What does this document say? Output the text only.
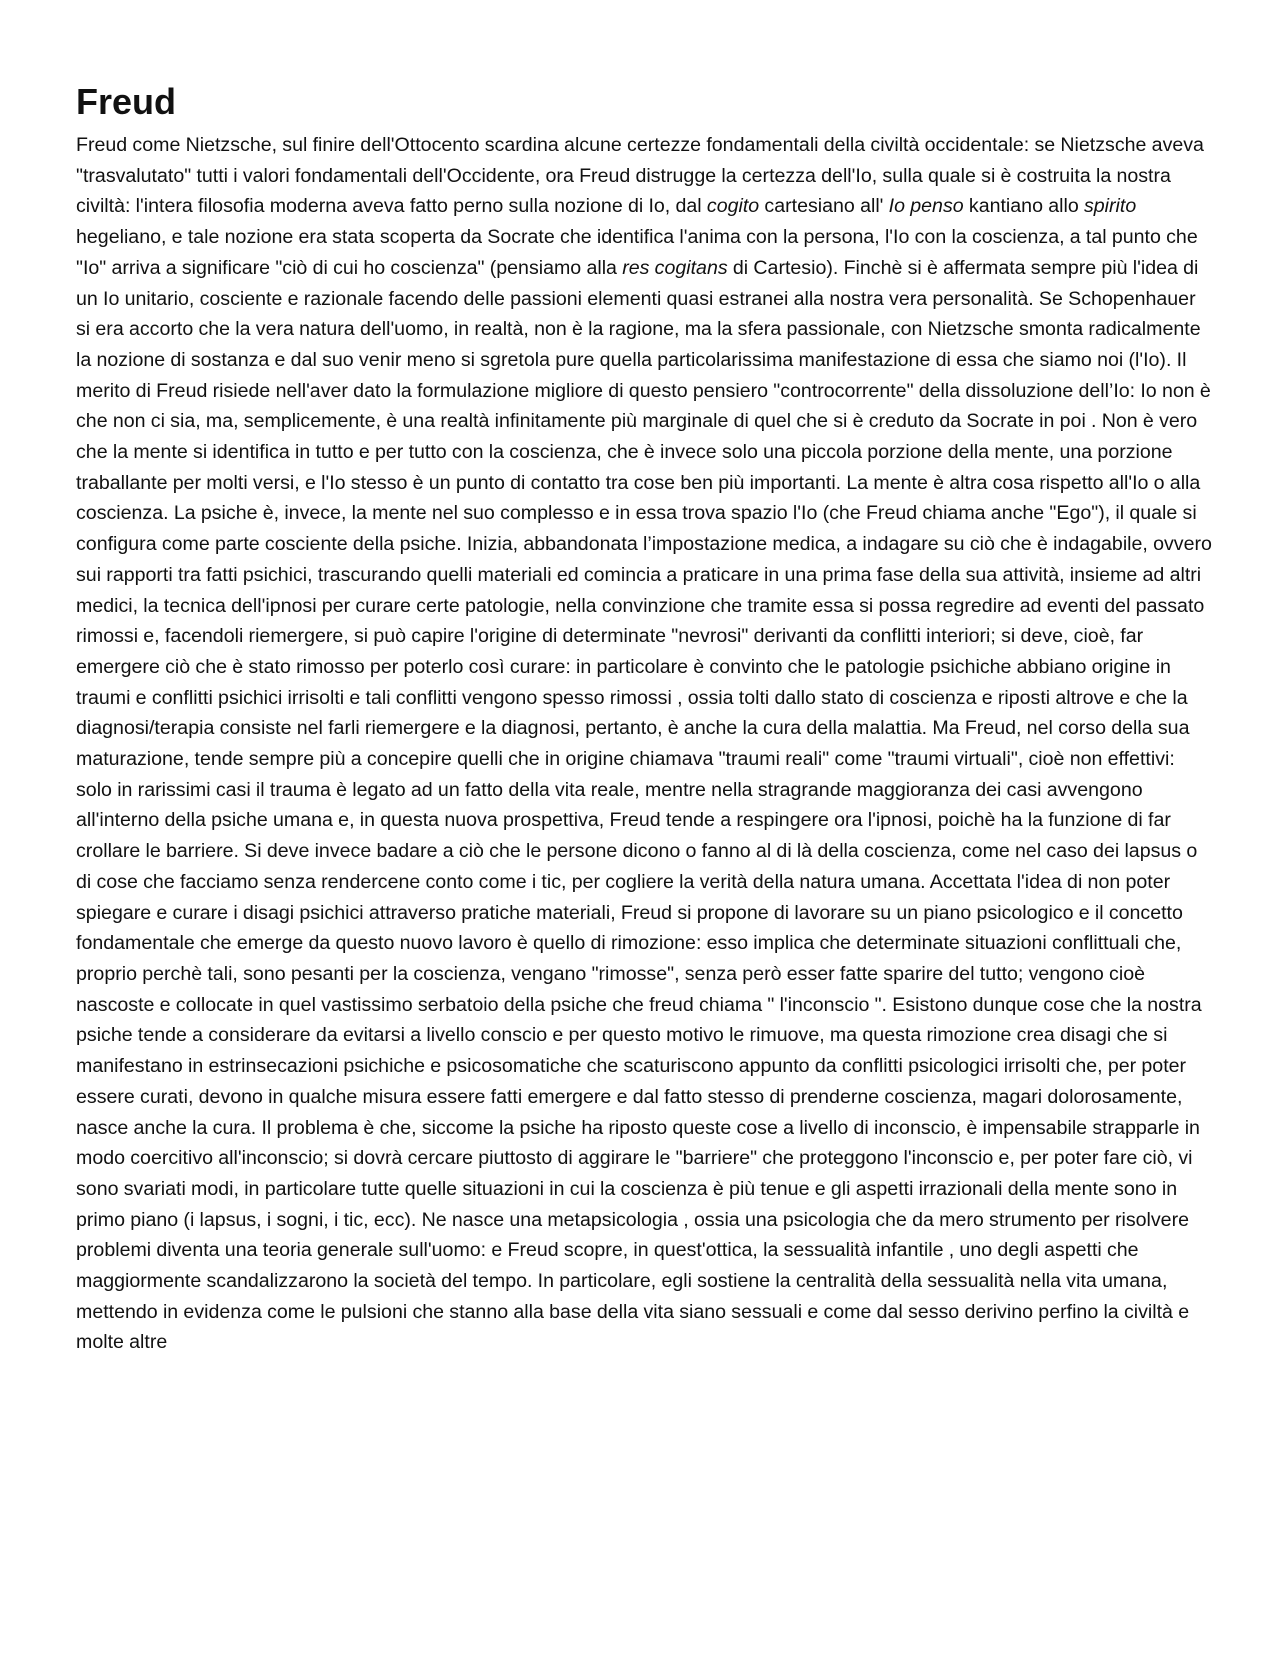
Freud

Freud come Nietzsche, sul finire dell'Ottocento scardina alcune certezze fondamentali della civiltà occidentale: se Nietzsche aveva "trasvalutato" tutti i valori fondamentali dell'Occidente, ora Freud distrugge la certezza dell'Io, sulla quale si è costruita la nostra civiltà: l'intera filosofia moderna aveva fatto perno sulla nozione di Io, dal cogito cartesiano all' Io penso kantiano allo spirito hegeliano, e tale nozione era stata scoperta da Socrate che identifica l'anima con la persona, l'Io con la coscienza, a tal punto che "Io" arriva a significare "ciò di cui ho coscienza" (pensiamo alla res cogitans di Cartesio). Finchè si è affermata sempre più l'idea di un Io unitario, cosciente e razionale facendo delle passioni elementi quasi estranei alla nostra vera personalità. Se Schopenhauer si era accorto che la vera natura dell'uomo, in realtà, non è la ragione, ma la sfera passionale, con Nietzsche smonta radicalmente la nozione di sostanza e dal suo venir meno si sgretola pure quella particolarissima manifestazione di essa che siamo noi (l'Io). Il merito di Freud risiede nell'aver dato la formulazione migliore di questo pensiero "controcorrente" della dissoluzione dell’Io: Io non è che non ci sia, ma, semplicemente, è una realtà infinitamente più marginale di quel che si è creduto da Socrate in poi . Non è vero che la mente si identifica in tutto e per tutto con la coscienza, che è invece solo una piccola porzione della mente, una porzione traballante per molti versi, e l'Io stesso è un punto di contatto tra cose ben più importanti. La mente è altra cosa rispetto all'Io o alla coscienza. La psiche è, invece, la mente nel suo complesso e in essa trova spazio l'Io (che Freud chiama anche "Ego"), il quale si configura come parte cosciente della psiche. Inizia, abbandonata l’impostazione medica, a indagare su ciò che è indagabile, ovvero sui rapporti tra fatti psichici, trascurando quelli materiali ed comincia a praticare in una prima fase della sua attività, insieme ad altri medici, la tecnica dell'ipnosi per curare certe patologie, nella convinzione che tramite essa si possa regredire ad eventi del passato rimossi e, facendoli riemergere, si può capire l'origine di determinate "nevrosi" derivanti da conflitti interiori; si deve, cioè, far emergere ciò che è stato rimosso per poterlo così curare: in particolare è convinto che le patologie psichiche abbiano origine in traumi e conflitti psichici irrisolti e tali conflitti vengono spesso rimossi , ossia tolti dallo stato di coscienza e riposti altrove e che la diagnosi/terapia consiste nel farli riemergere e la diagnosi, pertanto, è anche la cura della malattia. Ma Freud, nel corso della sua maturazione, tende sempre più a concepire quelli che in origine chiamava "traumi reali" come "traumi virtuali", cioè non effettivi: solo in rarissimi casi il trauma è legato ad un fatto della vita reale, mentre nella stragrande maggioranza dei casi avvengono all'interno della psiche umana e, in questa nuova prospettiva, Freud tende a respingere ora l'ipnosi, poichè ha la funzione di far crollare le barriere. Si deve invece badare a ciò che le persone dicono o fanno al di là della coscienza, come nel caso dei lapsus o di cose che facciamo senza rendercene conto come i tic, per cogliere la verità della natura umana. Accettata l'idea di non poter spiegare e curare i disagi psichici attraverso pratiche materiali, Freud si propone di lavorare su un piano psicologico e il concetto fondamentale che emerge da questo nuovo lavoro è quello di rimozione: esso implica che determinate situazioni conflittuali che, proprio perchè tali, sono pesanti per la coscienza, vengano "rimosse", senza però esser fatte sparire del tutto; vengono cioè nascoste e collocate in quel vastissimo serbatoio della psiche che freud chiama " l'inconscio ". Esistono dunque cose che la nostra psiche tende a considerare da evitarsi a livello conscio e per questo motivo le rimuove, ma questa rimozione crea disagi che si manifestano in estrinsecazioni psichiche e psicosomatiche che scaturiscono appunto da conflitti psicologici irrisolti che, per poter essere curati, devono in qualche misura essere fatti emergere e dal fatto stesso di prenderne coscienza, magari dolorosamente, nasce anche la cura. Il problema è che, siccome la psiche ha riposto queste cose a livello di inconscio, è impensabile strapparle in modo coercitivo all'inconscio; si dovrà cercare piuttosto di aggirare le "barriere" che proteggono l'inconscio e, per poter fare ciò, vi sono svariati modi, in particolare tutte quelle situazioni in cui la coscienza è più tenue e gli aspetti irrazionali della mente sono in primo piano (i lapsus, i sogni, i tic, ecc). Ne nasce una metapsicologia , ossia una psicologia che da mero strumento per risolvere problemi diventa una teoria generale sull'uomo: e Freud scopre, in quest'ottica, la sessualità infantile , uno degli aspetti che maggiormente scandalizzarono la società del tempo. In particolare, egli sostiene la centralità della sessualità nella vita umana, mettendo in evidenza come le pulsioni che stanno alla base della vita siano sessuali e come dal sesso derivino perfino la civiltà e molte altre
